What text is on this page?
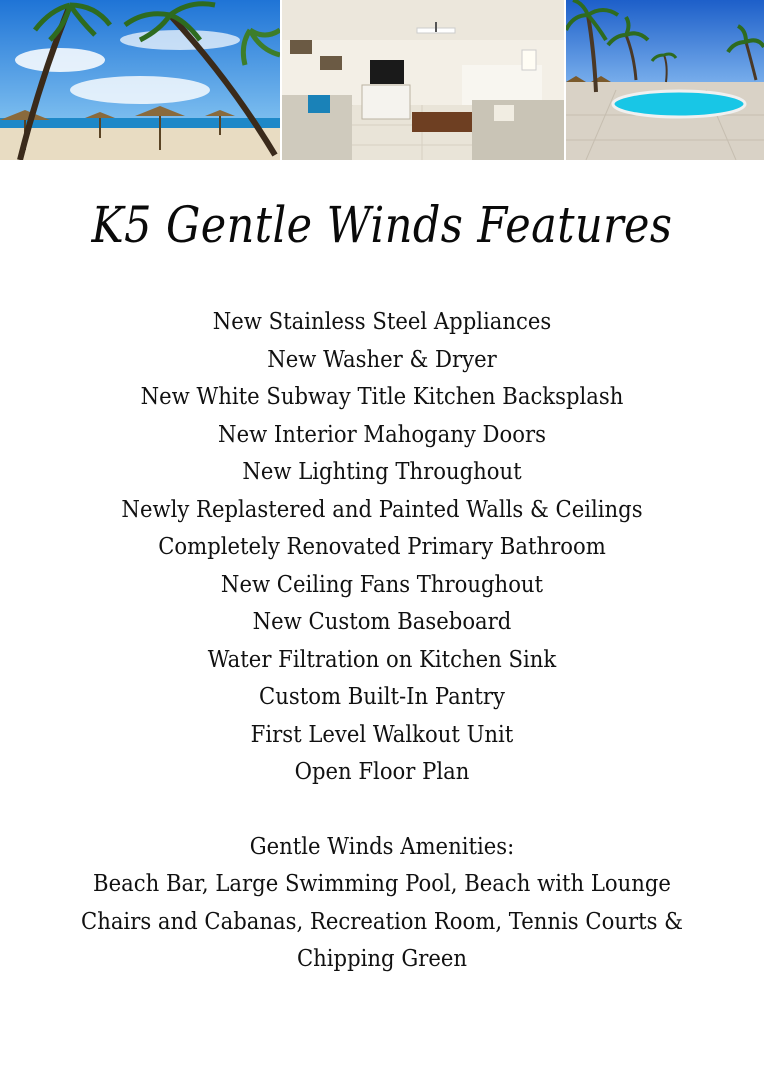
K5 Gentle Winds Features
New Stainless Steel Appliances
New Washer & Dryer
New White Subway Title Kitchen Backsplash
New Interior Mahogany Doors
New Lighting Throughout
Newly Replastered and Painted Walls & Ceilings
Completely Renovated Primary Bathroom
New Ceiling Fans Throughout
New Custom Baseboard
Water Filtration on Kitchen Sink
Custom Built-In Pantry
First Level Walkout Unit
Open Floor Plan
Gentle Winds Amenities:
Beach Bar, Large Swimming Pool, Beach with Lounge Chairs and Cabanas, Recreation Room, Tennis Courts & Chipping Green
